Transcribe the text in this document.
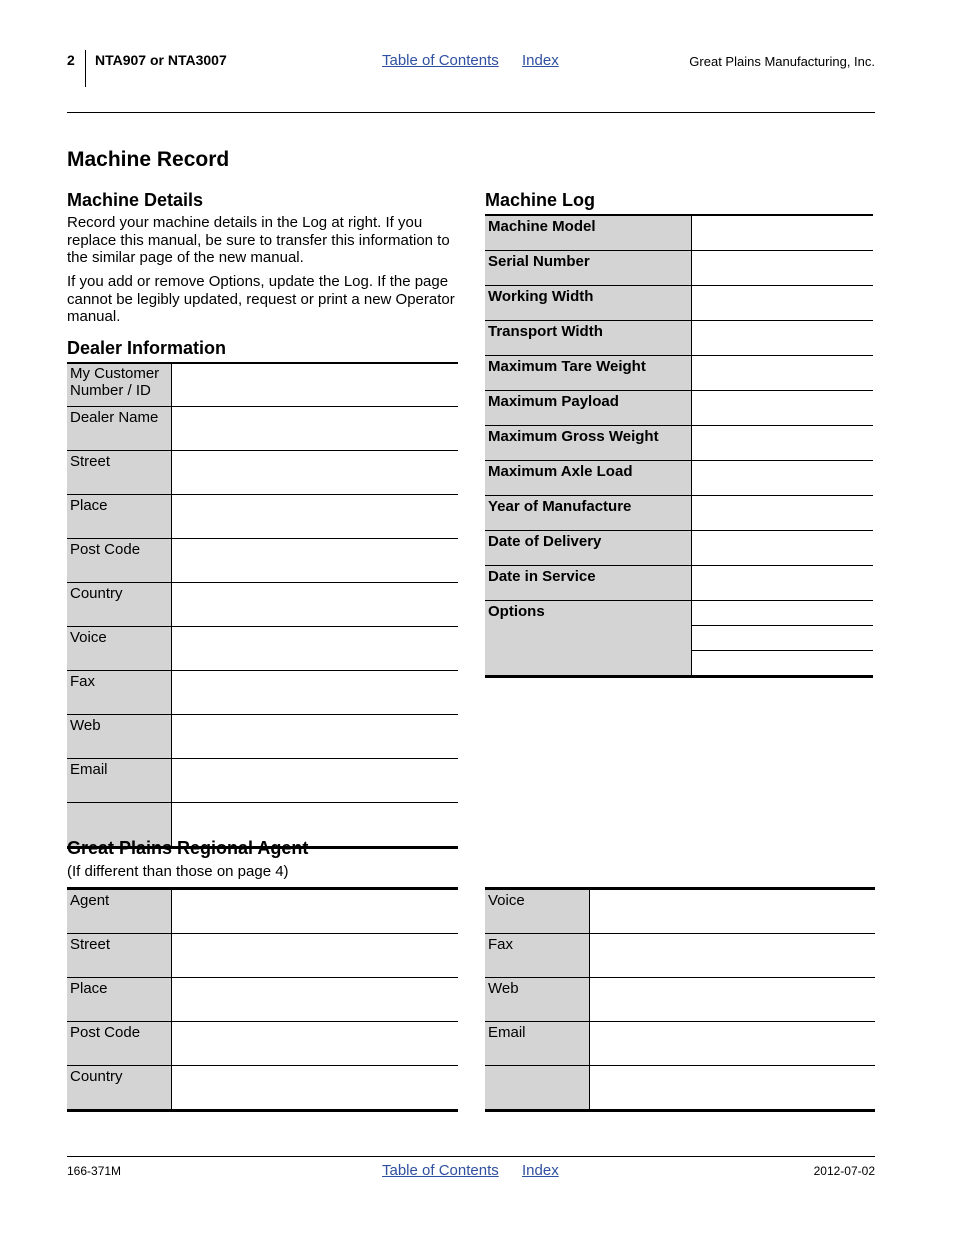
2 NTA907 or NTA3007	Table of Contents Index	Great Plains Manufacturing, Inc.
Machine Record
Machine Details

Record your machine details in the Log at right. If you replace this manual, be sure to transfer this information to the similar page of the new manual.

If you add or remove Options, update the Log. If the page cannot be legibly updated, request or print a new Operator manual.

Dealer Information
My Customer Number / ID	
Dealer Name	
Street	
Place	
Post Code	
Country	
Voice	
Fax	
Web	
Email	

Machine Log
Machine Model	
Serial Number	
Working Width	
Transport Width	
Maximum Tare Weight	
Maximum Payload	
Maximum Gross Weight	
Maximum Axle Load	
Year of Manufacture	
Date of Delivery	
Date in Service	
Options	
Great Plains Regional Agent

(If different than those on page 4)

Agent	
Street	
Place	
Post Code	
Country	
Voice	
Fax	
Web	
Email	

166-371M	Table of Contents Index	2012-07-02
